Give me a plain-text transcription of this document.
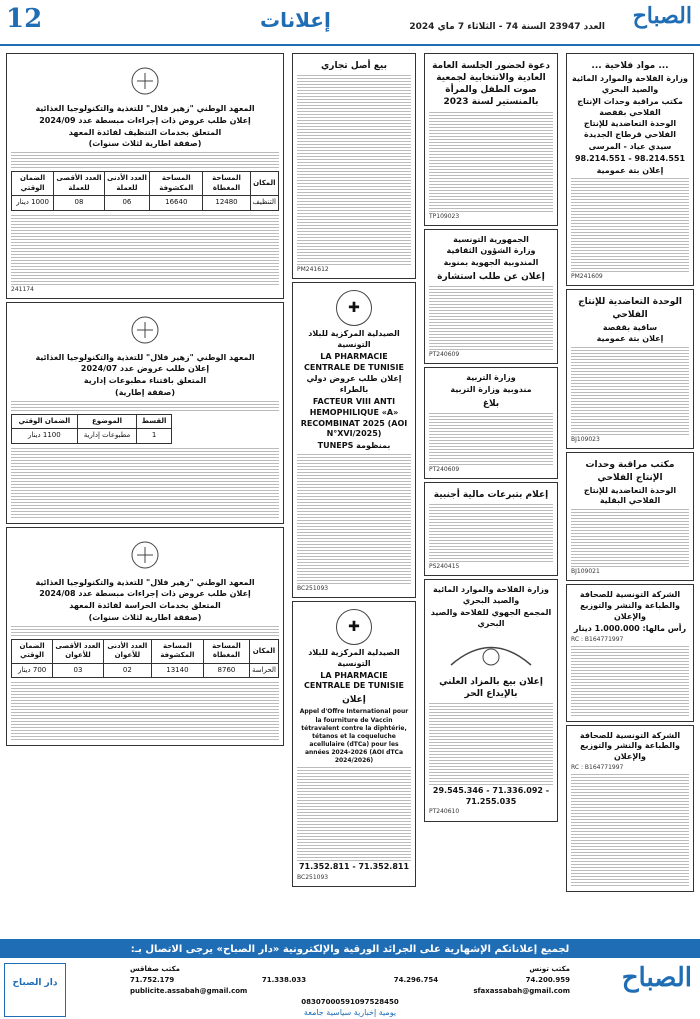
الصباح
العدد 23947 السنة 74 - الثلاثاء 7 ماي 2024
إعلانات
12
... مواد فلاحية ...
وزارة الفلاحة والموارد المائية والصيد البحري
مكتب مراقبة وحدات الإنتاج الفلاحي بقفصة
الوحدة التعاضدية للإنتاج الفلاحي قرطاج الجديدة
سيدي عياد - المرسى
98.214.551 - 98.214.551
إعلان بتة عمومية
PM241609
الوحدة التعاضدية للإنتاج الفلاحي
ساقية بقفصة
إعلان بتة عمومية
BJ109023
مكتب مراقبة وحدات الإنتاج الفلاحي
الوحدة التعاضدية للإنتاج الفلاحي البقلية
BJ109021
الشركة التونسية للصحافة والطباعة والنشر والتوزيع والإعلان
رأس مالها: 1.000.000 دينار
RC : B164771997
الشركة التونسية للصحافة والطباعة والنشر والتوزيع والإعلان
RC : B164771997
دعوة لحضور الجلسة العامة العادية والانتخابية لجمعية صوت الطفل والمرأة بالمنستير لسنة 2023
TP109023
الجمهورية التونسية
وزارة الشؤون الثقافية
المندوبية الجهوية بمنوبة
إعلان عن طلب استشارة
PT240609
وزارة التربية
مندوبية وزارة التربية
بلاغ
PT240609
إعلام بتبرعات مالية أجنبية
PS240415
وزارة الفلاحة والموارد المائية والصيد البحري
المجمع الجهوي للفلاحة والصيد البحري
إعلان بيع بالمزاد العلني بالإيداع الحر
29.545.346 - 71.336.092 - 71.255.035
PT240610
بيع أصل تجاري
PM241612
✚
الصيدلية المركزية للبلاد التونسية
LA PHARMACIE CENTRALE DE TUNISIE
إعلان طلب عروض دولي بالطراء
FACTEUR VIII ANTI HEMOPHILIQUE «A» RECOMBINAT 2025 (AOI N°XVI/2025)
بمنظومة TUNEPS
BC251093
✚
الصيدلية المركزية للبلاد التونسية
LA PHARMACIE CENTRALE DE TUNISIE
إعلان
Appel d'Offre International pour la fourniture de Vaccin tétravalent contre la diphtérie, tétanos et la coqueluche acellulaire (dTCa) pour les années 2024-2026 (AOI dTCa 2024/2026)
71.352.811 - 71.352.811
BC251093
المعهد الوطني "زهير فلال" للتغذية والتكنولوجيا الغذائية
إعلان طلب عروض ذات إجراءات مبسطة عدد 2024/09
المتعلق بخدمات التنظيف لفائدة المعهد
(صفقة اطارية لثلاث سنوات)
المكان	المساحة المغطاة	المساحة المكشوفة	العدد الأدنى للعملة	العدد الأقصى للعملة	الضمان الوقتي
التنظيف	12480	16640	06	08	1000 دينار
241174
المعهد الوطني "زهير فلال" للتغذية والتكنولوجيا الغذائية
إعلان طلب عروض عدد 2024/07
المتعلق باقتناء مطبوعات إدارية
(صفقة إطارية)
القسط	الموضوع	الضمان الوقتي
1	مطبوعات إدارية	1100 دينار
المعهد الوطني "زهير فلال" للتغذية والتكنولوجيا الغذائية
إعلان طلب عروض ذات إجراءات مبسطة عدد 2024/08
المتعلق بخدمات الحراسة لفائدة المعهد
(صفقة اطارية لثلاث سنوات)
المكان	المساحة المغطاة	المساحة المكشوفة	العدد الأدنى للأعوان	العدد الأقصى للأعوان	الضمان الوقتي
الحراسة	8760	13140	02	03	700 دينار
لجميع إعلاناتكم الإشهارية على الجرائد الورقية والإلكترونية «دار الصباح» يرجى الاتصال بـ:
الصباح
مكتب تونس
مكتب صفاقس
71.752.179	71.338.033	74.296.754	74.200.959
publicite.assabah@gmail.com	sfaxassabah@gmail.com
08307000591097528450
دار الصباح
يومية إخبارية سياسية جامعة
